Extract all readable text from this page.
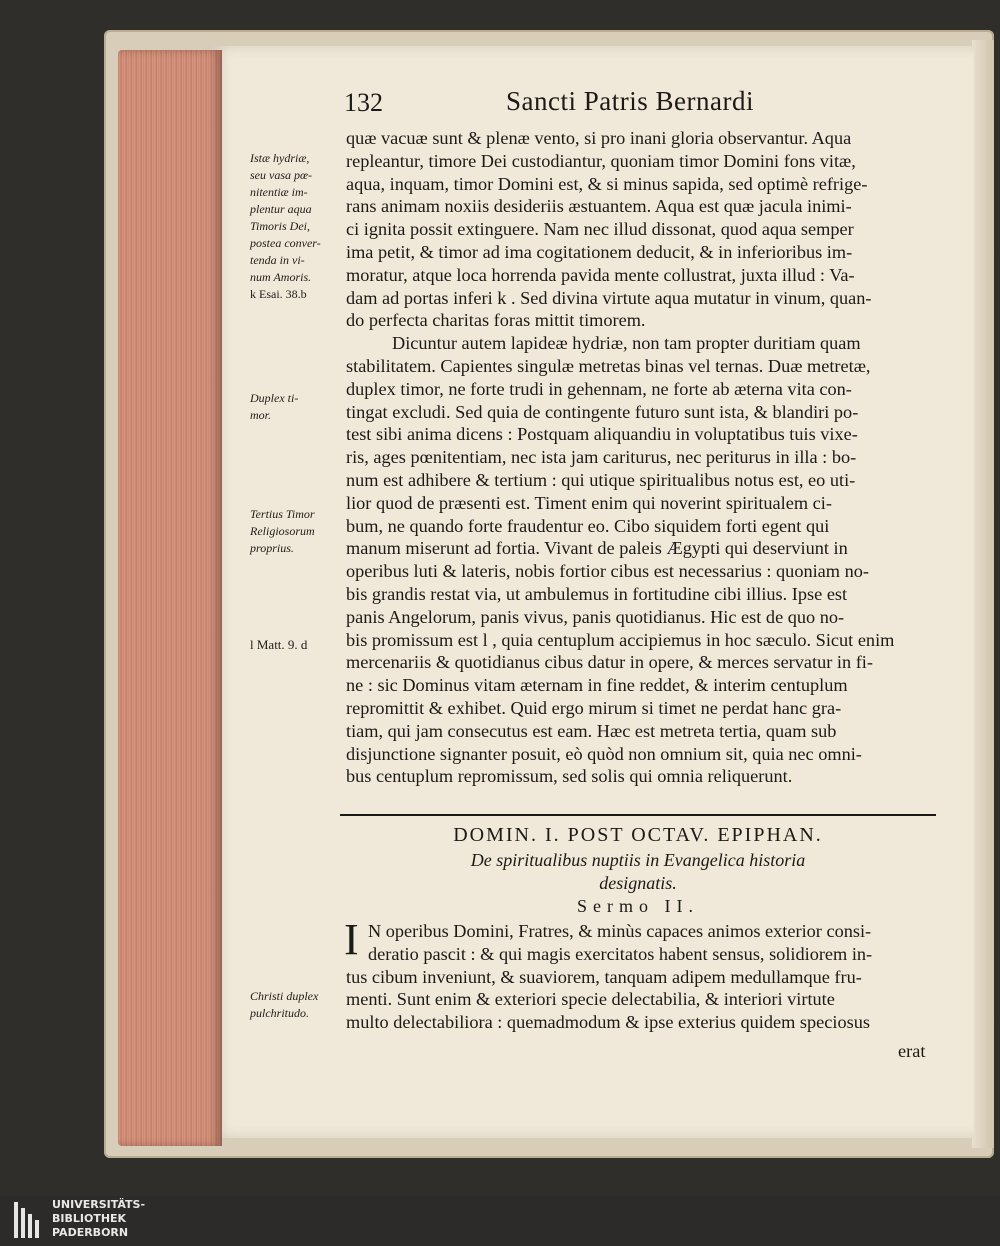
132	Sancti Patris Bernardi
Istæ hydriæ,
seu vasa pœ-
nitentiæ im-
plentur aqua
Timoris Dei,
postea conver-
tenda in vi-
num Amoris.
k Esai. 38.b
Duplex ti-
mor.
Tertius Timor
Religiosorum
proprius.
l Matt. 9. d
Christi duplex
pulchritudo.
quæ vacuæ sunt & plenæ vento, si pro inani gloria observantur. Aqua
repleantur, timore Dei custodiantur, quoniam timor Domini fons vitæ,
aqua, inquam, timor Domini est, & si minus sapida, sed optimè refrige-
rans animam noxiis desideriis æstuantem. Aqua est quæ jacula inimi-
ci ignita possit extinguere. Nam nec illud dissonat, quod aqua semper
ima petit, & timor ad ima cogitationem deducit, & in inferioribus im-
moratur, atque loca horrenda pavida mente collustrat, juxta illud : Va-
dam ad portas inferi k . Sed divina virtute aqua mutatur in vinum, quan-
do perfecta charitas foras mittit timorem.
Dicuntur autem lapideæ hydriæ, non tam propter duritiam quam
stabilitatem. Capientes singulæ metretas binas vel ternas. Duæ metretæ,
duplex timor, ne forte trudi in gehennam, ne forte ab æterna vita con-
tingat excludi. Sed quia de contingente futuro sunt ista, & blandiri po-
test sibi anima dicens : Postquam aliquandiu in voluptatibus tuis vixe-
ris, ages pœnitentiam, nec ista jam cariturus, nec periturus in illa : bo-
num est adhibere & tertium : qui utique spiritualibus notus est, eo uti-
lior quod de præsenti est. Timent enim qui noverint spiritualem ci-
bum, ne quando forte fraudentur eo. Cibo siquidem forti egent qui
manum miserunt ad fortia. Vivant de paleis Ægypti qui deserviunt in
operibus luti & lateris, nobis fortior cibus est necessarius : quoniam no-
bis grandis restat via, ut ambulemus in fortitudine cibi illius. Ipse est
panis Angelorum, panis vivus, panis quotidianus. Hic est de quo no-
bis promissum est l , quia centuplum accipiemus in hoc sæculo. Sicut enim
mercenariis & quotidianus cibus datur in opere, & merces servatur in fi-
ne : sic Dominus vitam æternam in fine reddet, & interim centuplum
repromittit & exhibet. Quid ergo mirum si timet ne perdat hanc gra-
tiam, qui jam consecutus est eam. Hæc est metreta tertia, quam sub
disjunctione signanter posuit, eò quòd non omnium sit, quia nec omni-
bus centuplum repromissum, sed solis qui omnia reliquerunt.
DOMIN. I. POST OCTAV. EPIPHAN.
De spiritualibus nuptiis in Evangelica historia
designatis.
Sermo II.
I N operibus Domini, Fratres, & minùs capaces animos exterior consi-
deratio pascit : & qui magis exercitatos habent sensus, solidiorem in-
tus cibum inveniunt, & suaviorem, tanquam adipem medullamque fru-
menti. Sunt enim & exteriori specie delectabilia, & interiori virtute
multo delectabiliora : quemadmodum & ipse exterius quidem speciosus
erat
UNIVERSITÄTS-
BIBLIOTHEK
PADERBORN
